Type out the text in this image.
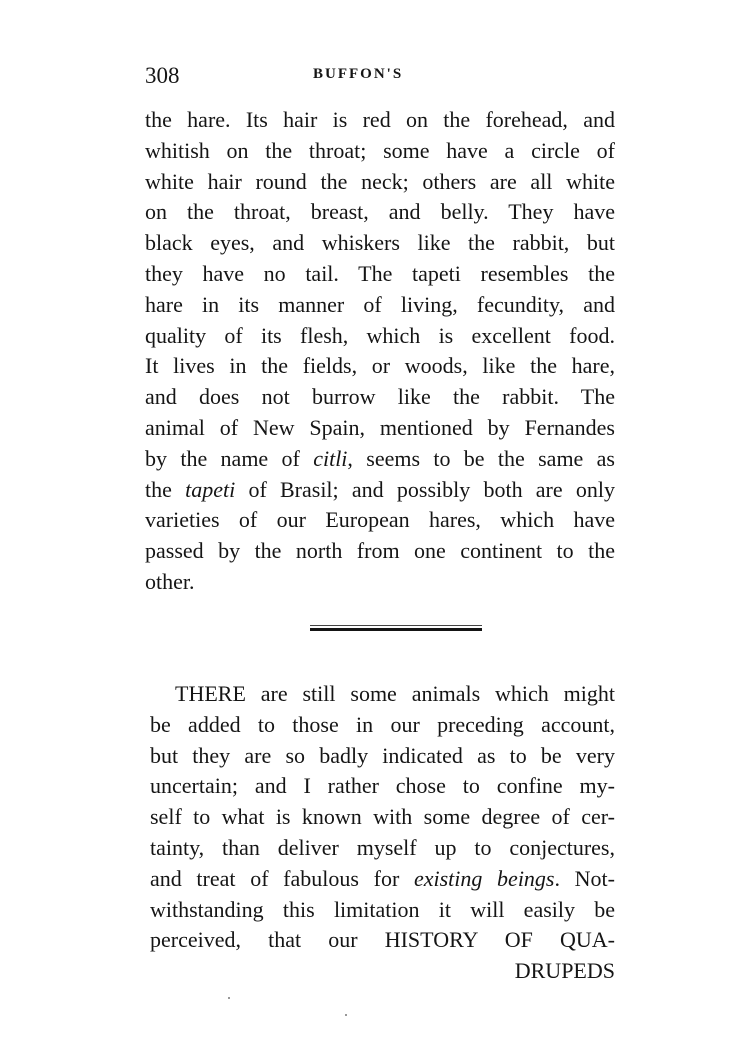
308	BUFFON'S
the hare. Its hair is red on the forehead, and
whitish on the throat; some have a circle of
white hair round the neck; others are all white
on the throat, breast, and belly. They have
black eyes, and whiskers like the rabbit, but
they have no tail. The tapeti resembles the
hare in its manner of living, fecundity, and
quality of its flesh, which is excellent food.
It lives in the fields, or woods, like the hare,
and does not burrow like the rabbit. The
animal of New Spain, mentioned by Fernandes
by the name of citli, seems to be the same as
the tapeti of Brasil; and possibly both are only
varieties of our European hares, which have
passed by the north from one continent to the
other.
THERE are still some animals which might
be added to those in our preceding account,
but they are so badly indicated as to be very
uncertain; and I rather chose to confine my-
self to what is known with some degree of cer-
tainty, than deliver myself up to conjectures,
and treat of fabulous for existing beings. Not-
withstanding this limitation it will easily be
perceived, that our HISTORY OF QUA-
DRUPEDS
